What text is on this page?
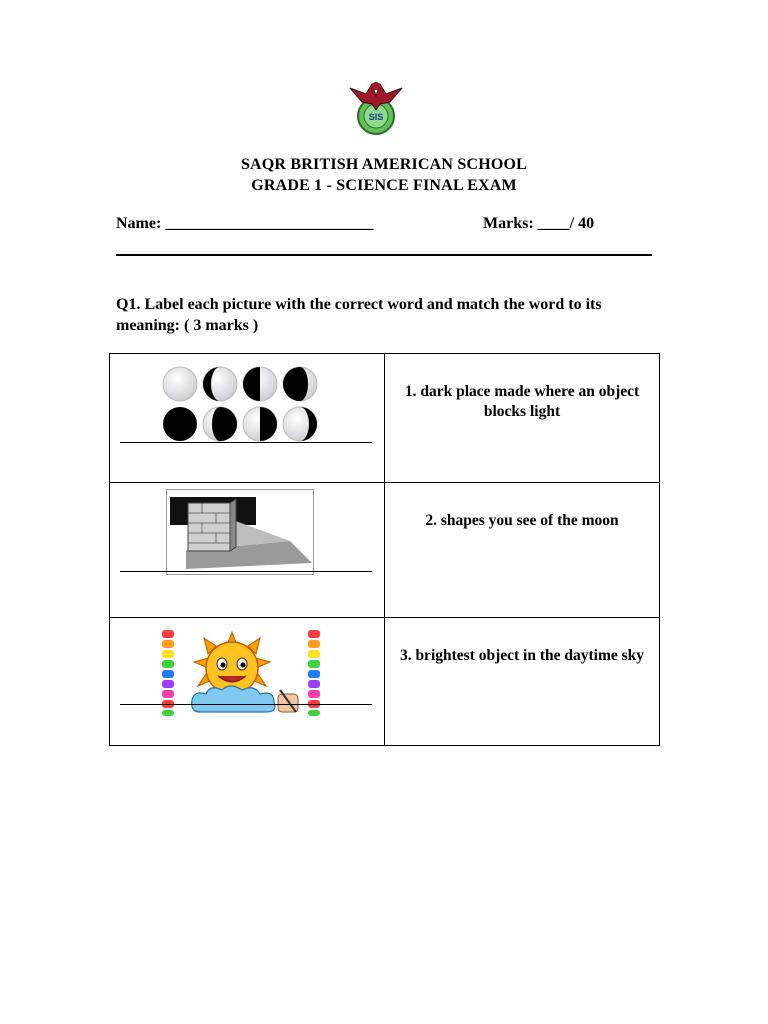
SIS
SAQR BRITISH AMERICAN SCHOOL
GRADE 1 - SCIENCE FINAL EXAM
Name: __________________________	Marks: ____/ 40
Q1. Label each picture with the correct word and match the word to its meaning: ( 3 marks )

1. dark place made where an object blocks light

2. shapes you see of the moon

3. brightest object in the daytime sky
